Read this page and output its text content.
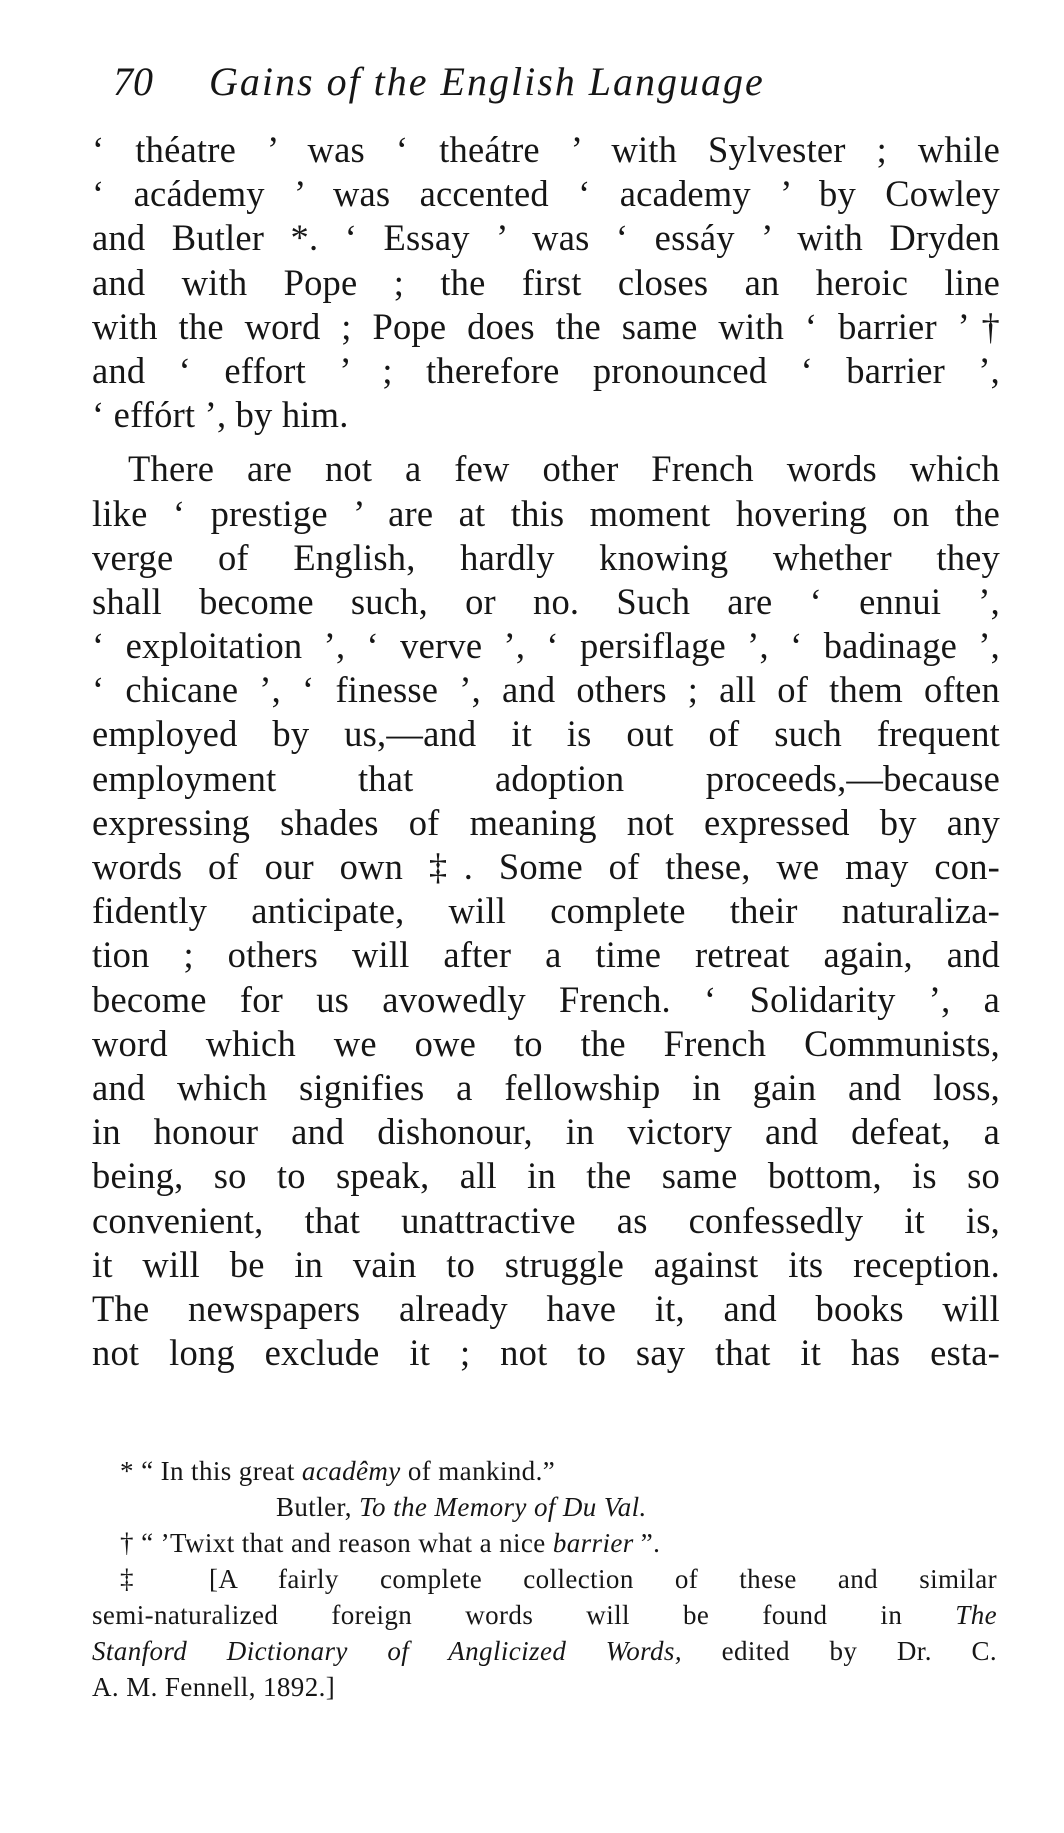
70 Gains of the English Language
‘ théatre ’ was ‘ theátre ’ with Sylvester ; while
‘ acádemy ’ was accented ‘ academy ’ by Cowley
and Butler *. ‘ Essay ’ was ‘ essáy ’ with Dryden
and with Pope ; the first closes an heroic line
with the word ; Pope does the same with ‘ barrier ’†
and ‘ effort ’ ; therefore pronounced ‘ barrier ’,
‘ effórt ’, by him.
There are not a few other French words which
like ‘ prestige ’ are at this moment hovering on the
verge of English, hardly knowing whether they
shall become such, or no. Such are ‘ ennui ’,
‘ exploitation ’, ‘ verve ’, ‘ persiflage ’, ‘ badinage ’,
‘ chicane ’, ‘ finesse ’, and others ; all of them often
employed by us,—and it is out of such frequent
employment that adoption proceeds,—because
expressing shades of meaning not expressed by any
words of our own ‡. Some of these, we may con-
fidently anticipate, will complete their naturaliza-
tion ; others will after a time retreat again, and
become for us avowedly French. ‘ Solidarity ’, a
word which we owe to the French Communists,
and which signifies a fellowship in gain and loss,
in honour and dishonour, in victory and defeat, a
being, so to speak, all in the same bottom, is so
convenient, that unattractive as confessedly it is,
it will be in vain to struggle against its reception.
The newspapers already have it, and books will
not long exclude it ; not to say that it has esta-
* “ In this great acadêmy of mankind.”
Butler, To the Memory of Du Val.
† “ ’Twixt that and reason what a nice barrier ”.
‡ [A fairly complete collection of these and similar
semi-naturalized foreign words will be found in The
Stanford Dictionary of Anglicized Words, edited by Dr. C.
A. M. Fennell, 1892.]
